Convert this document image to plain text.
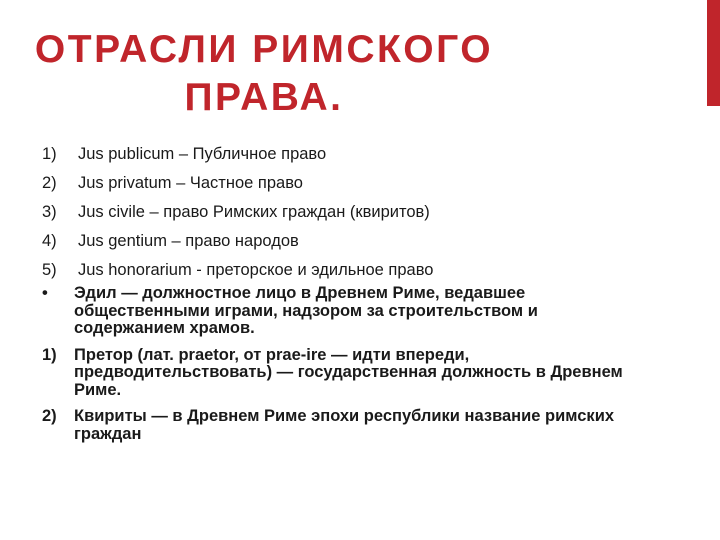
ОТРАСЛИ РИМСКОГО
ПРАВА.
1) Jus publicum – Публичное право
2) Jus privatum – Частное право
3) Jus civile – право Римских граждан (квиритов)
4) Jus gentium – право народов
5) Jus honorarium - преторское и эдильное право
• Эдил — должностное лицо в Древнем Риме, ведавшее общественными играми, надзором за строительством и содержанием храмов.
1) Претор (лат. praetor, от prae-ire — идти впереди, предводительствовать) — государственная должность в Древнем Риме.
2) Квириты — в Древнем Риме эпохи республики название римских граждан
